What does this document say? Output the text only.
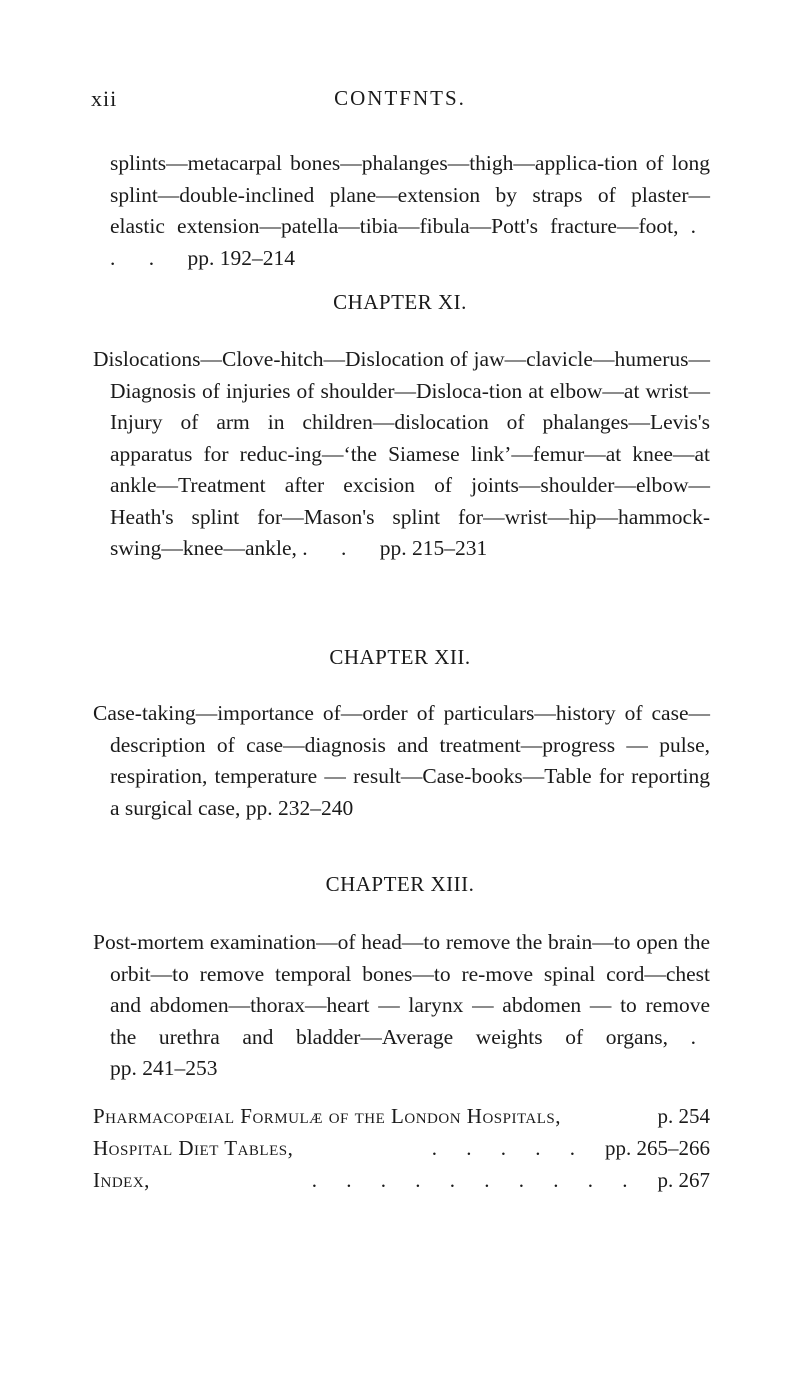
xii	CONTFNTS.
splints—metacarpal bones—phalanges—thigh—applica-tion of long splint—double-inclined plane—extension by straps of plaster—elastic extension—patella—tibia—fibula—Pott's fracture—foot, . . . pp. 192–214
CHAPTER XI.
Dislocations—Clove-hitch—Dislocation of jaw—clavicle—humerus—Diagnosis of injuries of shoulder—Disloca-tion at elbow—at wrist—Injury of arm in children—dislocation of phalanges—Levis's apparatus for reduc-ing—‘the Siamese link’—femur—at knee—at ankle—Treatment after excision of joints—shoulder—elbow—Heath's splint for—Mason's splint for—wrist—hip—hammock-swing—knee—ankle, . . pp. 215–231
CHAPTER XII.
Case-taking—importance of—order of particulars—history of case—description of case—diagnosis and treatment—progress — pulse, respiration, temperature — result—Case-books—Table for reporting a surgical case, pp. 232–240
CHAPTER XIII.
Post-mortem examination—of head—to remove the brain—to open the orbit—to remove temporal bones—to re-move spinal cord—chest and abdomen—thorax—heart — larynx — abdomen — to remove the urethra and bladder—Average weights of organs, . pp. 241–253
Pharmacopœial Formulæ of the London Hospitals,	p. 254
Hospital Diet Tables,	. . . . . pp. 265–266
Index,	. . . . . . . . . . p. 267
